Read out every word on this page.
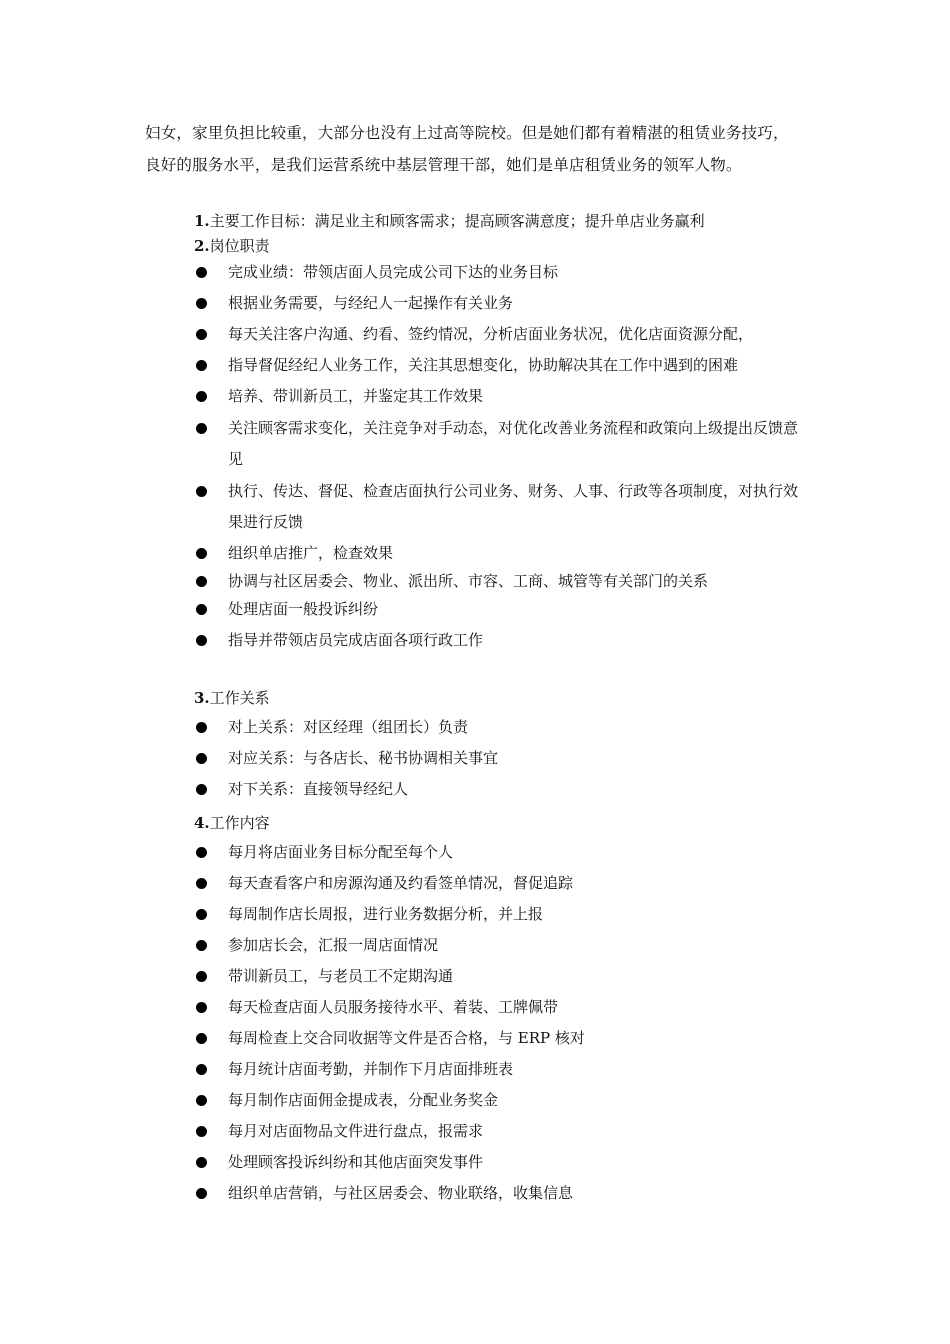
妇女，家里负担比较重，大部分也没有上过高等院校。但是她们都有着精湛的租赁业务技巧，

良好的服务水平，是我们运营系统中基层管理干部，她们是单店租赁业务的领军人物。

1.主要工作目标：满足业主和顾客需求；提高顾客满意度；提升单店业务赢利
2.岗位职责
完成业绩：带领店面人员完成公司下达的业务目标
根据业务需要，与经纪人一起操作有关业务
每天关注客户沟通、约看、签约情况，分析店面业务状况，优化店面资源分配，
指导督促经纪人业务工作，关注其思想变化，协助解决其在工作中遇到的困难
培养、带训新员工，并鉴定其工作效果
关注顾客需求变化，关注竞争对手动态，对优化改善业务流程和政策向上级提出反馈意见
执行、传达、督促、检查店面执行公司业务、财务、人事、行政等各项制度，对执行效果进行反馈
组织单店推广，检查效果
协调与社区居委会、物业、派出所、市容、工商、城管等有关部门的关系
处理店面一般投诉纠纷
指导并带领店员完成店面各项行政工作
3.工作关系
对上关系：对区经理（组团长）负责
对应关系：与各店长、秘书协调相关事宜
对下关系：直接领导经纪人
4.工作内容
每月将店面业务目标分配至每个人
每天查看客户和房源沟通及约看签单情况，督促追踪
每周制作店长周报，进行业务数据分析，并上报
参加店长会，汇报一周店面情况
带训新员工，与老员工不定期沟通
每天检查店面人员服务接待水平、着装、工牌佩带
每周检查上交合同收据等文件是否合格，与 ERP 核对
每月统计店面考勤，并制作下月店面排班表
每月制作店面佣金提成表，分配业务奖金
每月对店面物品文件进行盘点，报需求
处理顾客投诉纠纷和其他店面突发事件
组织单店营销，与社区居委会、物业联络，收集信息
